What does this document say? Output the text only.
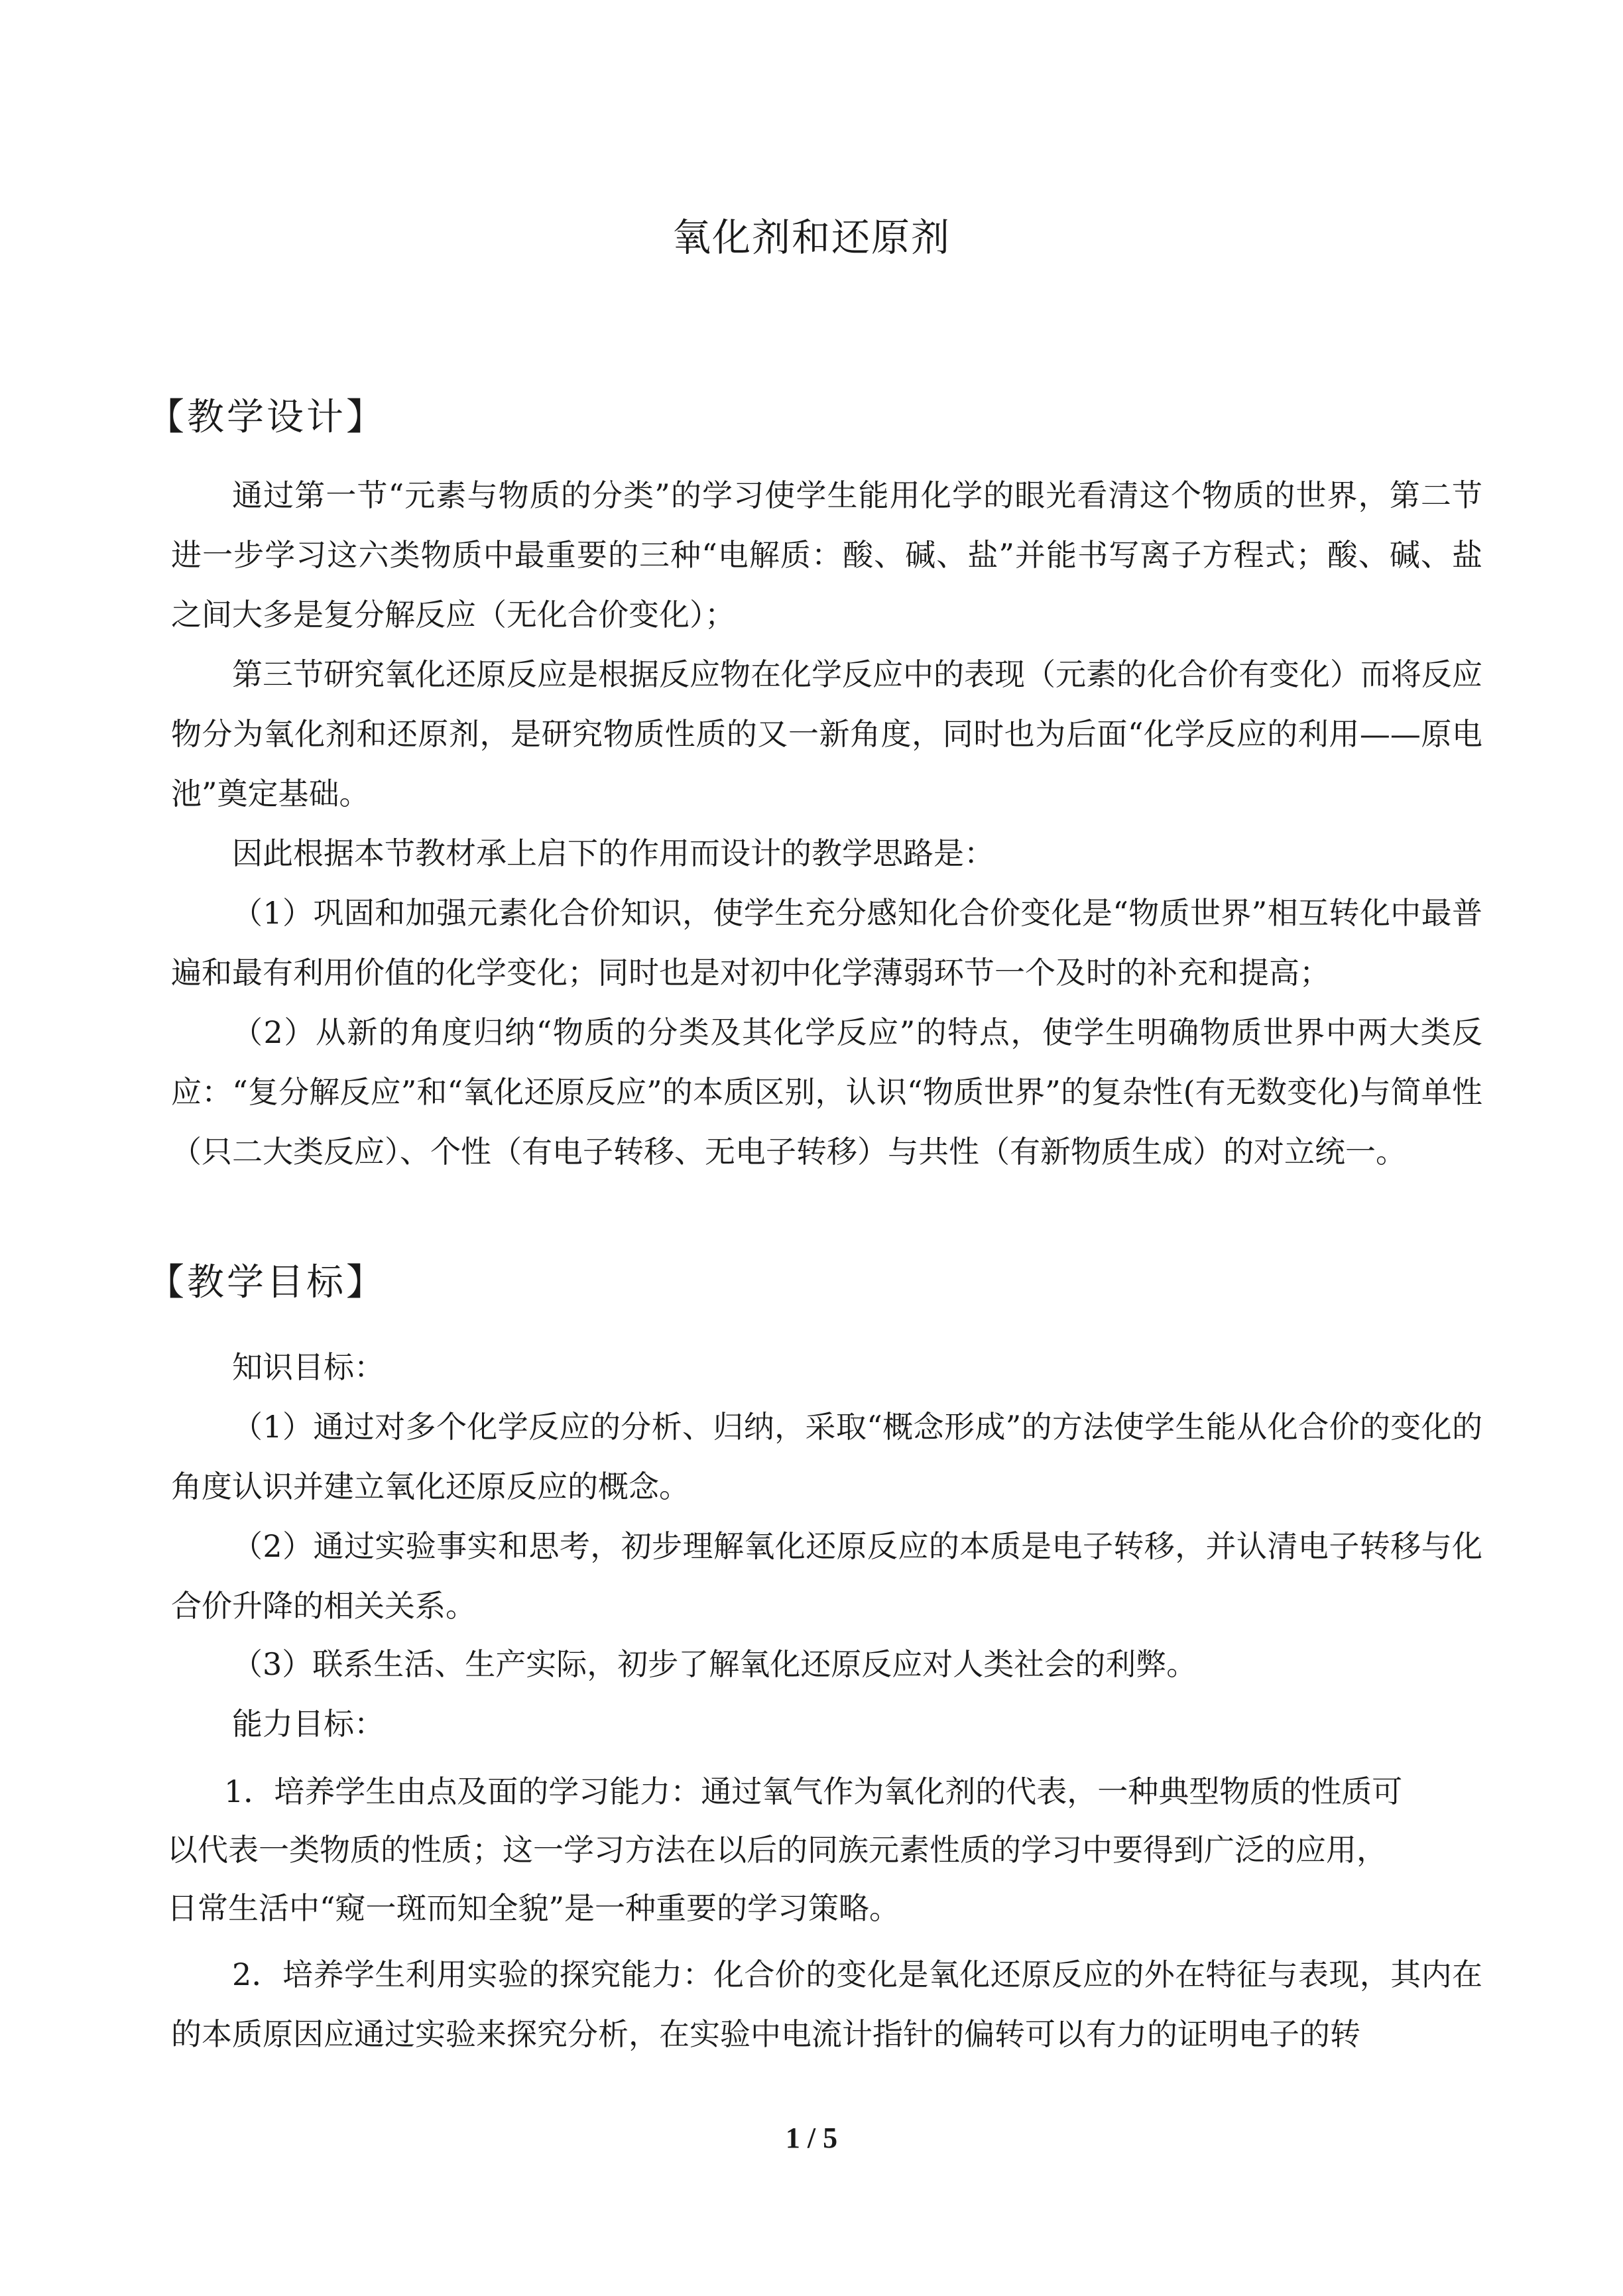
氧化剂和还原剂
【教学设计】

通过第一节“元素与物质的分类”的学习使学生能用化学的眼光看清这个物质的世界，第二节进一步学习这六类物质中最重要的三种“电解质：酸、碱、盐”并能书写离子方程式；酸、碱、盐之间大多是复分解反应（无化合价变化）；

第三节研究氧化还原反应是根据反应物在化学反应中的表现（元素的化合价有变化）而将反应物分为氧化剂和还原剂，是研究物质性质的又一新角度，同时也为后面“化学反应的利用——原电池”奠定基础。

因此根据本节教材承上启下的作用而设计的教学思路是：

（1）巩固和加强元素化合价知识，使学生充分感知化合价变化是“物质世界”相互转化中最普遍和最有利用价值的化学变化；同时也是对初中化学薄弱环节一个及时的补充和提高；

（2）从新的角度归纳“物质的分类及其化学反应”的特点，使学生明确物质世界中两大类反应：“复分解反应”和“氧化还原反应”的本质区别，认识“物质世界”的复杂性(有无数变化)与简单性（只二大类反应）、个性（有电子转移、无电子转移）与共性（有新物质生成）的对立统一。

【教学目标】

知识目标：

（1）通过对多个化学反应的分析、归纳，采取“概念形成”的方法使学生能从化合价的变化的角度认识并建立氧化还原反应的概念。

（2）通过实验事实和思考，初步理解氧化还原反应的本质是电子转移，并认清电子转移与化合价升降的相关关系。

（3）联系生活、生产实际，初步了解氧化还原反应对人类社会的利弊。

能力目标：

1．培养学生由点及面的学习能力：通过氧气作为氧化剂的代表，一种典型物质的性质可
以代表一类物质的性质；这一学习方法在以后的同族元素性质的学习中要得到广泛的应用，
日常生活中“窥一斑而知全貌”是一种重要的学习策略。

2．培养学生利用实验的探究能力：化合价的变化是氧化还原反应的外在特征与表现，其内在的本质原因应通过实验来探究分析，在实验中电流计指针的偏转可以有力的证明电子的转

1 / 5
